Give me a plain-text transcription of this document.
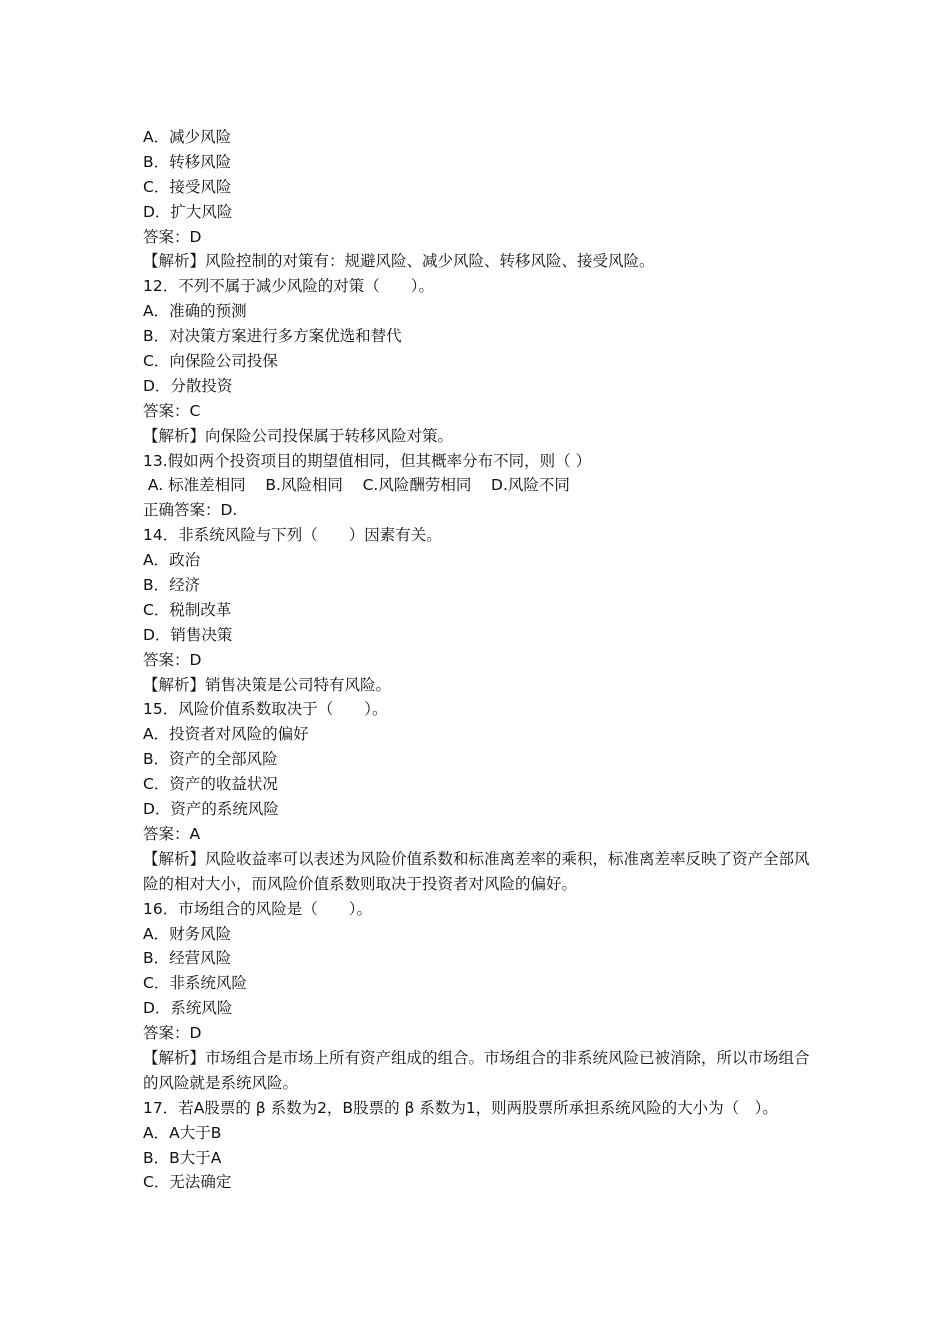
A．减少风险
B．转移风险
C．接受风险
D．扩大风险
答案：D
【解析】风险控制的对策有：规避风险、减少风险、转移风险、接受风险。
12．不列不属于减少风险的对策（　　）。
A．准确的预测
B．对决策方案进行多方案优选和替代
C．向保险公司投保
D．分散投资
答案：C
【解析】向保险公司投保属于转移风险对策。
13.假如两个投资项目的期望值相同，但其概率分布不同，则（ ）
A. 标准差相同    B.风险相同    C.风险酬劳相同    D.风险不同
正确答案：D.
14．非系统风险与下列（　　）因素有关。
A．政治
B．经济
C．税制改革
D．销售决策
答案：D
【解析】销售决策是公司特有风险。
15．风险价值系数取决于（　　）。
A．投资者对风险的偏好
B．资产的全部风险
C．资产的收益状况
D．资产的系统风险
答案：A
【解析】风险收益率可以表述为风险价值系数和标准离差率的乘积，标准离差率反映了资产全部风险的相对大小，而风险价值系数则取决于投资者对风险的偏好。
16．市场组合的风险是（　　）。
A．财务风险
B．经营风险
C．非系统风险
D．系统风险
答案：D
【解析】市场组合是市场上所有资产组成的组合。市场组合的非系统风险已被消除，所以市场组合的风险就是系统风险。
17．若A股票的 β 系数为2，B股票的 β 系数为1，则两股票所承担系统风险的大小为（　）。
A．A大于B
B．B大于A
C．无法确定
